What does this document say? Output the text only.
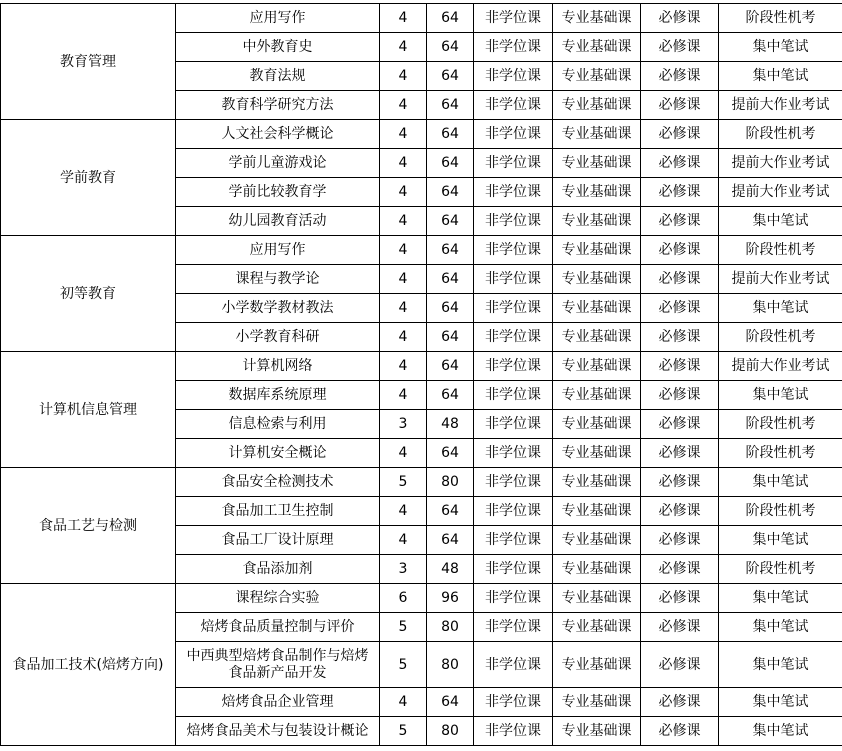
教育管理	应用写作	4	64	非学位课	专业基础课	必修课	阶段性机考
	中外教育史	4	64	非学位课	专业基础课	必修课	集中笔试
	教育法规	4	64	非学位课	专业基础课	必修课	集中笔试
	教育科学研究方法	4	64	非学位课	专业基础课	必修课	提前大作业考试
学前教育	人文社会科学概论	4	64	非学位课	专业基础课	必修课	阶段性机考
	学前儿童游戏论	4	64	非学位课	专业基础课	必修课	提前大作业考试
	学前比较教育学	4	64	非学位课	专业基础课	必修课	提前大作业考试
	幼儿园教育活动	4	64	非学位课	专业基础课	必修课	集中笔试
初等教育	应用写作	4	64	非学位课	专业基础课	必修课	阶段性机考
	课程与教学论	4	64	非学位课	专业基础课	必修课	提前大作业考试
	小学数学教材教法	4	64	非学位课	专业基础课	必修课	集中笔试
	小学教育科研	4	64	非学位课	专业基础课	必修课	阶段性机考
计算机信息管理	计算机网络	4	64	非学位课	专业基础课	必修课	提前大作业考试
	数据库系统原理	4	64	非学位课	专业基础课	必修课	集中笔试
	信息检索与利用	3	48	非学位课	专业基础课	必修课	阶段性机考
	计算机安全概论	4	64	非学位课	专业基础课	必修课	阶段性机考
食品工艺与检测	食品安全检测技术	5	80	非学位课	专业基础课	必修课	集中笔试
	食品加工卫生控制	4	64	非学位课	专业基础课	必修课	阶段性机考
	食品工厂设计原理	4	64	非学位课	专业基础课	必修课	集中笔试
	食品添加剂	3	48	非学位课	专业基础课	必修课	阶段性机考
食品加工技术(焙烤方向)	课程综合实验	6	96	非学位课	专业基础课	必修课	集中笔试
	焙烤食品质量控制与评价	5	80	非学位课	专业基础课	必修课	集中笔试
	中西典型焙烤食品制作与焙烤食品新产品开发	5	80	非学位课	专业基础课	必修课	集中笔试
	焙烤食品企业管理	4	64	非学位课	专业基础课	必修课	集中笔试
	焙烤食品美术与包装设计概论	5	80	非学位课	专业基础课	必修课	集中笔试
